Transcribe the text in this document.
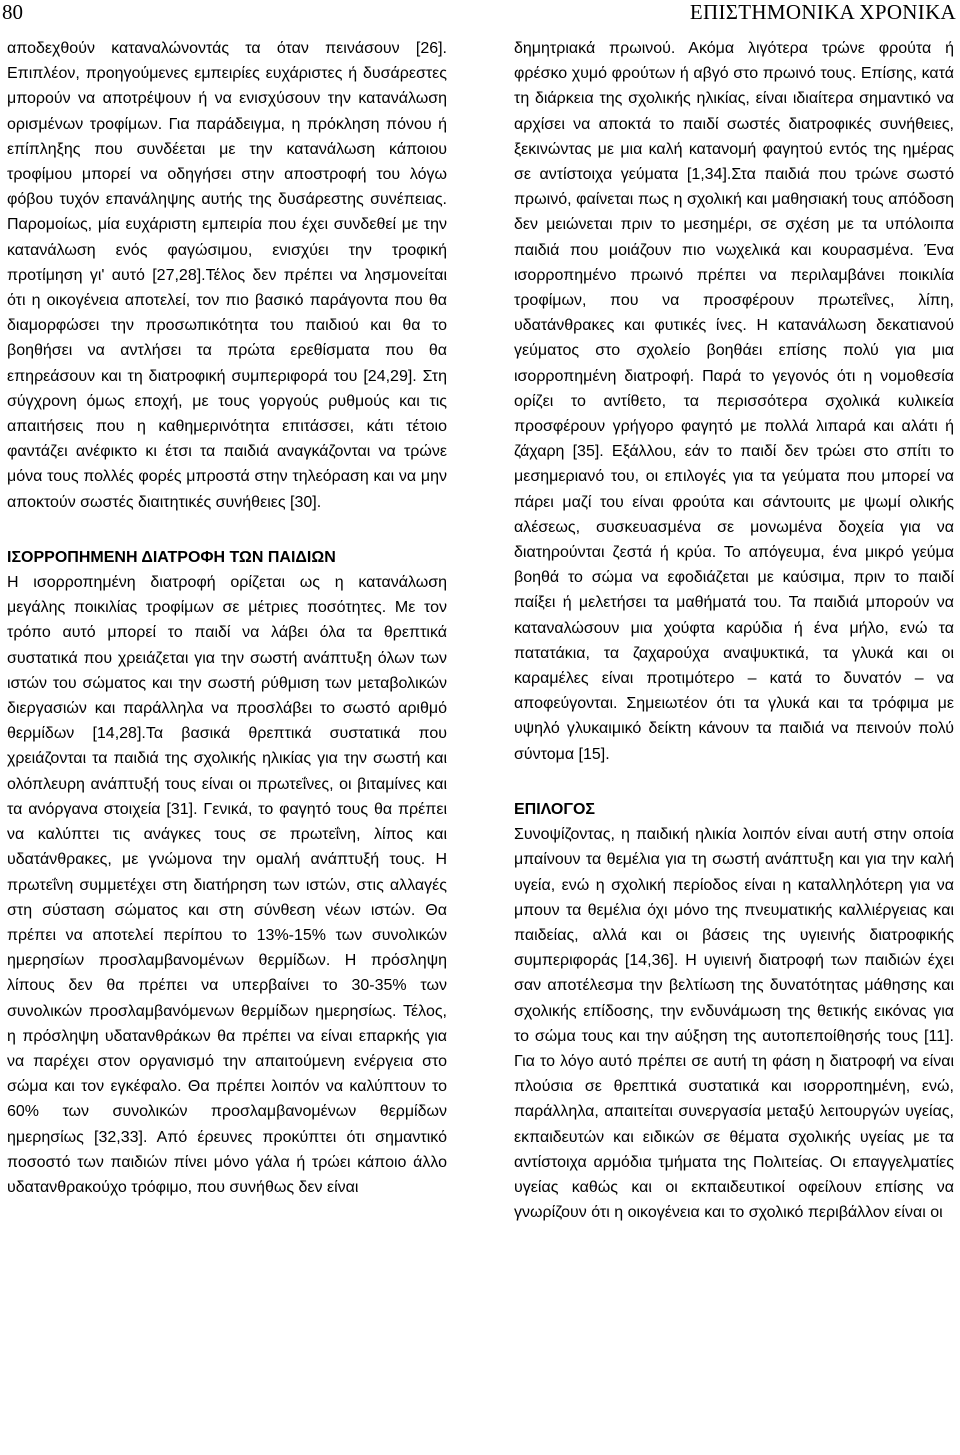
80	ΕΠΙΣΤΗΜΟΝΙΚΑ ΧΡΟΝΙΚΑ

αποδεχθούν καταναλώνοντάς τα όταν πεινάσουν [26]. Επιπλέον, προηγούμενες εμπειρίες ευχάριστες ή δυσάρεστες μπορούν να αποτρέψουν ή να ενισχύσουν την κατανάλωση ορισμένων τροφίμων. Για παράδειγμα, η πρόκληση πόνου ή επίπληξης που συνδέεται με την κατανάλωση κάποιου τροφίμου μπορεί να οδηγήσει στην αποστροφή του λόγω φόβου τυχόν επανάληψης αυτής της δυσάρεστης συνέπειας. Παρομοίως, μία ευχάριστη εμπειρία που έχει συνδεθεί με την κατανάλωση ενός φαγώσιμου, ενισχύει την τροφική προτίμηση γι' αυτό [27,28].Τέλος δεν πρέπει να λησμονείται ότι η οικογένεια αποτελεί, τον πιο βασικό παράγοντα που θα διαμορφώσει την προσωπικότητα του παιδιού και θα το βοηθήσει να αντλήσει τα πρώτα ερεθίσματα που θα επηρεάσουν και τη διατροφική συμπεριφορά του [24,29]. Στη σύγχρονη όμως εποχή, με τους γοργούς ρυθμούς και τις απαιτήσεις που η καθημερινότητα επιτάσσει, κάτι τέτοιο φαντάζει ανέφικτο κι έτσι τα παιδιά αναγκάζονται να τρώνε μόνα τους πολλές φορές μπροστά στην τηλεόραση και να μην αποκτούν σωστές διαιτητικές συνήθειες [30].

ΙΣΟΡΡΟΠΗΜΕΝΗ ΔΙΑΤΡΟΦΗ ΤΩΝ ΠΑΙΔΙΩΝ

Η ισορροπημένη διατροφή ορίζεται ως η κατανάλωση μεγάλης ποικιλίας τροφίμων σε μέτριες ποσότητες. Με τον τρόπο αυτό μπορεί το παιδί να λάβει όλα τα θρεπτικά συστατικά που χρειάζεται για την σωστή ανάπτυξη όλων των ιστών του σώματος και την σωστή ρύθμιση των μεταβολικών διεργασιών και παράλληλα να προσλάβει το σωστό αριθμό θερμίδων [14,28].Τα βασικά θρεπτικά συστατικά που χρειάζονται τα παιδιά της σχολικής ηλικίας για την σωστή και ολόπλευρη ανάπτυξή τους είναι οι πρωτεΐνες, οι βιταμίνες και τα ανόργανα στοιχεία [31]. Γενικά, το φαγητό τους θα πρέπει να καλύπτει τις ανάγκες τους σε πρωτεΐνη, λίπος και υδατάνθρακες, με γνώμονα την ομαλή ανάπτυξή τους. Η πρωτεΐνη συμμετέχει στη διατήρηση των ιστών, στις αλλαγές στη σύσταση σώματος και στη σύνθεση νέων ιστών. Θα πρέπει να αποτελεί περίπου το 13%-15% των συνολικών ημερησίων προσλαμβανομένων θερμίδων. Η πρόσληψη λίπους δεν θα πρέπει να υπερβαίνει το 30-35% των συνολικών προσλαμβανόμενων θερμίδων ημερησίως. Τέλος, η πρόσληψη υδατανθράκων θα πρέπει να είναι επαρκής για να παρέχει στον οργανισμό την απαιτούμενη ενέργεια στο σώμα και τον εγκέφαλο. Θα πρέπει λοιπόν να καλύπτουν το 60% των συνολικών προσλαμβανομένων θερμίδων ημερησίως [32,33]. Από έρευνες προκύπτει ότι σημαντικό ποσοστό των παιδιών πίνει μόνο γάλα ή τρώει κάποιο άλλο υδατανθρακούχο τρόφιμο, που συνήθως δεν είναι

δημητριακά πρωινού. Ακόμα λιγότερα τρώνε φρούτα ή φρέσκο χυμό φρούτων ή αβγό στο πρωινό τους. Επίσης, κατά τη διάρκεια της σχολικής ηλικίας, είναι ιδιαίτερα σημαντικό να αρχίσει να αποκτά το παιδί σωστές διατροφικές συνήθειες, ξεκινώντας με μια καλή κατανομή φαγητού εντός της ημέρας σε αντίστοιχα γεύματα [1,34].Στα παιδιά που τρώνε σωστό πρωινό, φαίνεται πως η σχολική και μαθησιακή τους απόδοση δεν μειώνεται πριν το μεσημέρι, σε σχέση με τα υπόλοιπα παιδιά που μοιάζουν πιο νωχελικά και κουρασμένα. Ένα ισορροπημένο πρωινό πρέπει να περιλαμβάνει ποικιλία τροφίμων, που να προσφέρουν πρωτεΐνες, λίπη, υδατάνθρακες και φυτικές ίνες. Η κατανάλωση δεκατιανού γεύματος στο σχολείο βοηθάει επίσης πολύ για μια ισορροπημένη διατροφή. Παρά το γεγονός ότι η νομοθεσία ορίζει το αντίθετο, τα περισσότερα σχολικά κυλικεία προσφέρουν γρήγορο φαγητό με πολλά λιπαρά και αλάτι ή ζάχαρη [35]. Εξάλλου, εάν το παιδί δεν τρώει στο σπίτι το μεσημεριανό του, οι επιλογές για τα γεύματα που μπορεί να πάρει μαζί του είναι φρούτα και σάντουιτς με ψωμί ολικής αλέσεως, συσκευασμένα σε μονωμένα δοχεία για να διατηρούνται ζεστά ή κρύα. Το απόγευμα, ένα μικρό γεύμα βοηθά το σώμα να εφοδιάζεται με καύσιμα, πριν το παιδί παίξει ή μελετήσει τα μαθήματά του. Τα παιδιά μπορούν να καταναλώσουν μια χούφτα καρύδια ή ένα μήλο, ενώ τα πατατάκια, τα ζαχαρούχα αναψυκτικά, τα γλυκά και οι καραμέλες είναι προτιμότερο – κατά το δυνατόν – να αποφεύγονται. Σημειωτέον ότι τα γλυκά και τα τρόφιμα με υψηλό γλυκαιμικό δείκτη κάνουν τα παιδιά να πεινούν πολύ σύντομα [15].

ΕΠΙΛΟΓΟΣ

Συνοψίζοντας, η παιδική ηλικία λοιπόν είναι αυτή στην οποία μπαίνουν τα θεμέλια για τη σωστή ανάπτυξη και για την καλή υγεία, ενώ η σχολική περίοδος είναι η καταλληλότερη για να μπουν τα θεμέλια όχι μόνο της πνευματικής καλλιέργειας και παιδείας, αλλά και οι βάσεις της υγιεινής διατροφικής συμπεριφοράς [14,36]. Η υγιεινή διατροφή των παιδιών έχει σαν αποτέλεσμα την βελτίωση της δυνατότητας μάθησης και σχολικής επίδοσης, την ενδυνάμωση της θετικής εικόνας για το σώμα τους και την αύξηση της αυτοπεποίθησής τους [11]. Για το λόγο αυτό πρέπει σε αυτή τη φάση η διατροφή να είναι πλούσια σε θρεπτικά συστατικά και ισορροπημένη, ενώ, παράλληλα, απαιτείται συνεργασία μεταξύ λειτουργών υγείας, εκπαιδευτών και ειδικών σε θέματα σχολικής υγείας με τα αντίστοιχα αρμόδια τμήματα της Πολιτείας. Οι επαγγελματίες υγείας καθώς και οι εκπαιδευτικοί οφείλουν επίσης να γνωρίζουν ότι η οικογένεια και το σχολικό περιβάλλον είναι οι
